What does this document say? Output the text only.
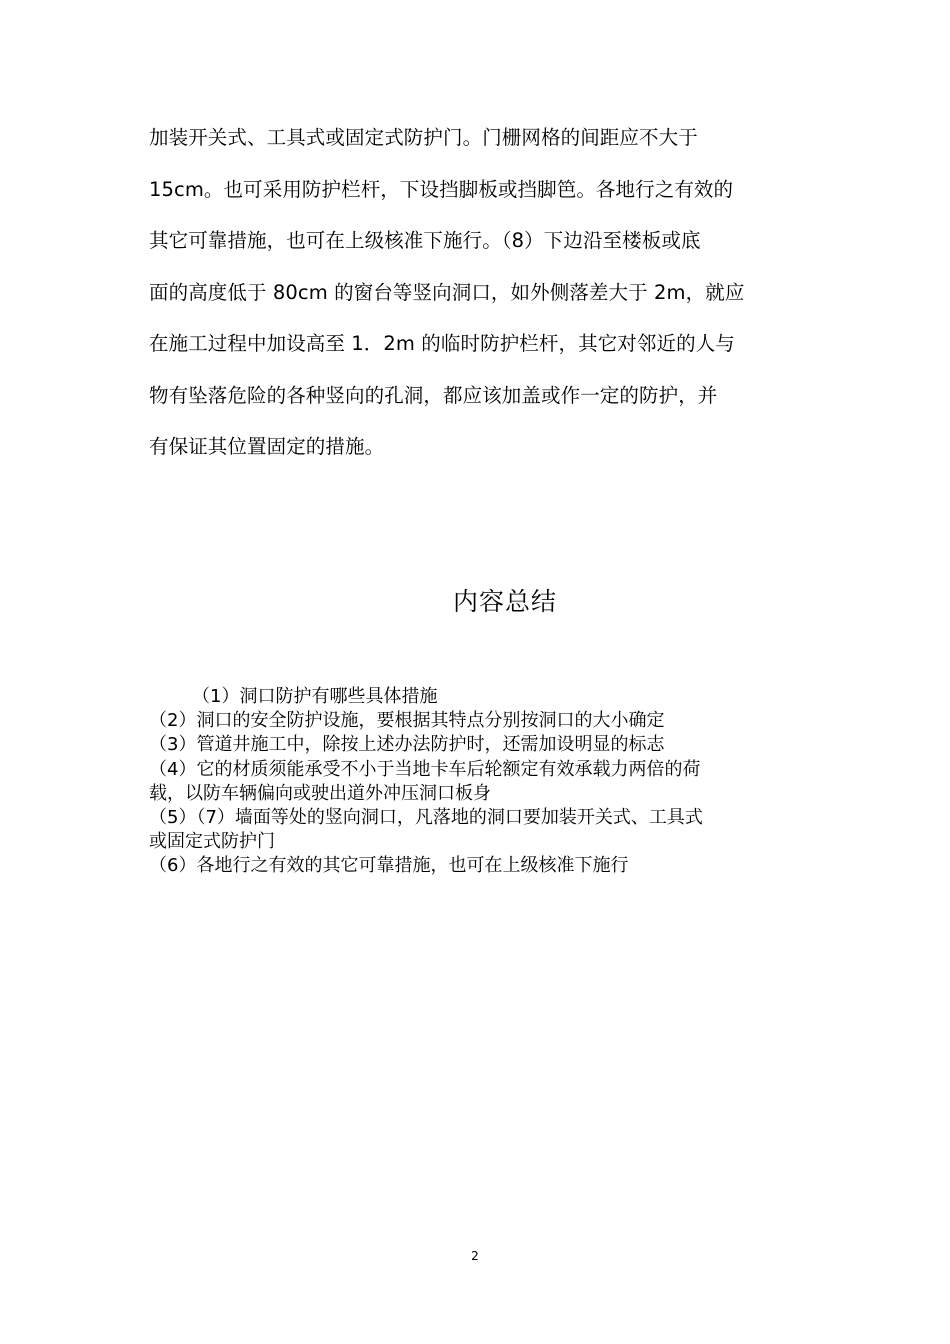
加装开关式、工具式或固定式防护门。门栅网格的间距应不大于
15cm。也可采用防护栏杆，下设挡脚板或挡脚笆。各地行之有效的
其它可靠措施，也可在上级核准下施行。（8）下边沿至楼板或底
面的高度低于 80cm 的窗台等竖向洞口，如外侧落差大于 2m，就应
在施工过程中加设高至 1．2m 的临时防护栏杆，其它对邻近的人与
物有坠落危险的各种竖向的孔洞，都应该加盖或作一定的防护，并
有保证其位置固定的措施。
内容总结
（1）洞口防护有哪些具体措施
（2）洞口的安全防护设施，要根据其特点分别按洞口的大小确定
（3）管道井施工中，除按上述办法防护时，还需加设明显的标志
（4）它的材质须能承受不小于当地卡车后轮额定有效承载力两倍的荷
载，以防车辆偏向或驶出道外冲压洞口板身
（5）（7）墙面等处的竖向洞口，凡落地的洞口要加装开关式、工具式
或固定式防护门
（6）各地行之有效的其它可靠措施，也可在上级核准下施行
2
